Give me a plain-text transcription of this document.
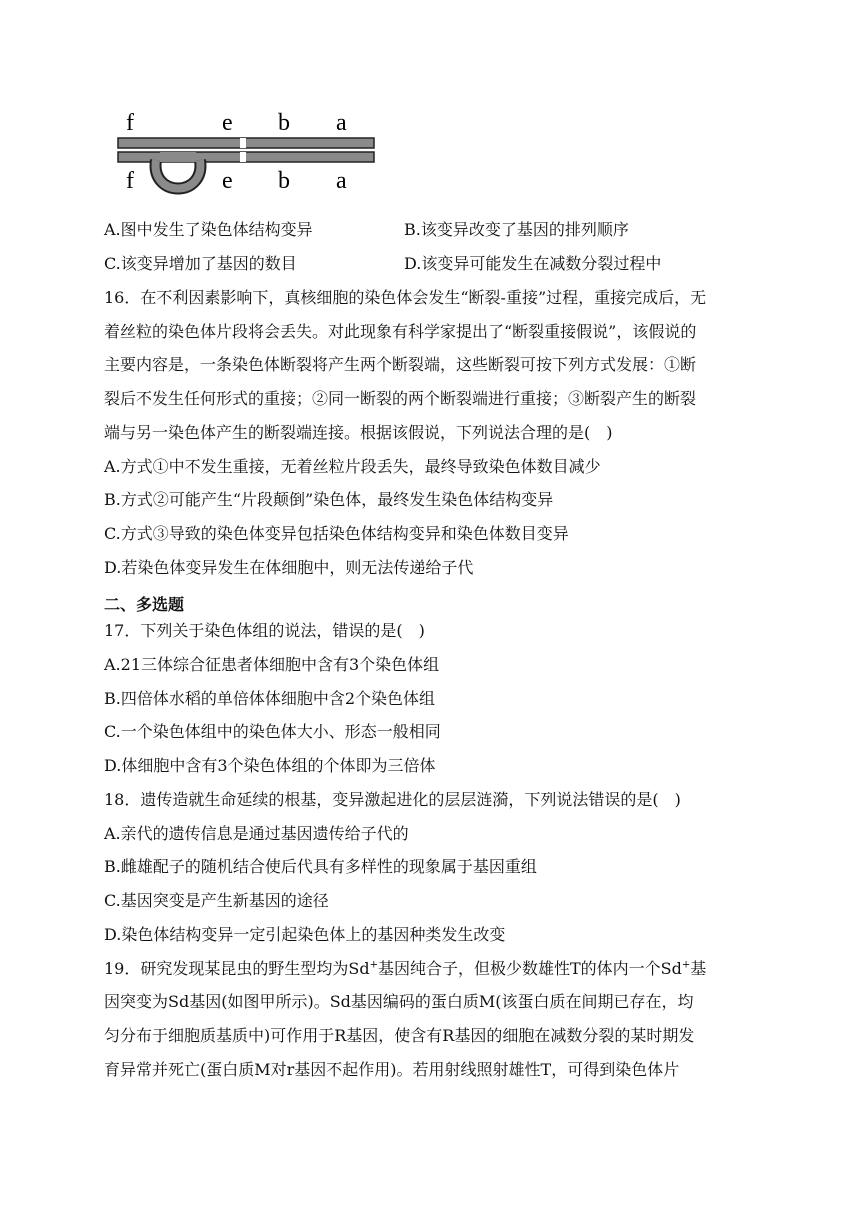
f	e b a
f	e b a
A.图中发生了染色体结构变异	B.该变异改变了基因的排列顺序
C.该变异增加了基因的数目	D.该变异可能发生在减数分裂过程中
16．在不利因素影响下，真核细胞的染色体会发生“断裂-重接”过程，重接完成后，无
着丝粒的染色体片段将会丢失。对此现象有科学家提出了“断裂重接假说”，该假说的
主要内容是，一条染色体断裂将产生两个断裂端，这些断裂可按下列方式发展：①断
裂后不发生任何形式的重接；②同一断裂的两个断裂端进行重接；③断裂产生的断裂
端与另一染色体产生的断裂端连接。根据该假说，下列说法合理的是(　)
A.方式①中不发生重接，无着丝粒片段丢失，最终导致染色体数目减少
B.方式②可能产生“片段颠倒”染色体，最终发生染色体结构变异
C.方式③导致的染色体变异包括染色体结构变异和染色体数目变异
D.若染色体变异发生在体细胞中，则无法传递给子代
二、多选题
17．下列关于染色体组的说法，错误的是(　)
A.21三体综合征患者体细胞中含有3个染色体组
B.四倍体水稻的单倍体体细胞中含2个染色体组
C.一个染色体组中的染色体大小、形态一般相同
D.体细胞中含有3个染色体组的个体即为三倍体
18．遗传造就生命延续的根基，变异激起进化的层层涟漪，下列说法错误的是(　)
A.亲代的遗传信息是通过基因遗传给子代的
B.雌雄配子的随机结合使后代具有多样性的现象属于基因重组
C.基因突变是产生新基因的途径
D.染色体结构变异一定引起染色体上的基因种类发生改变
19．研究发现某昆虫的野生型均为Sd+基因纯合子，但极少数雄性T的体内一个Sd+基
因突变为Sd基因(如图甲所示)。Sd基因编码的蛋白质M(该蛋白质在间期已存在，均
匀分布于细胞质基质中)可作用于R基因，使含有R基因的细胞在减数分裂的某时期发
育异常并死亡(蛋白质M对r基因不起作用)。若用射线照射雄性T，可得到染色体片
